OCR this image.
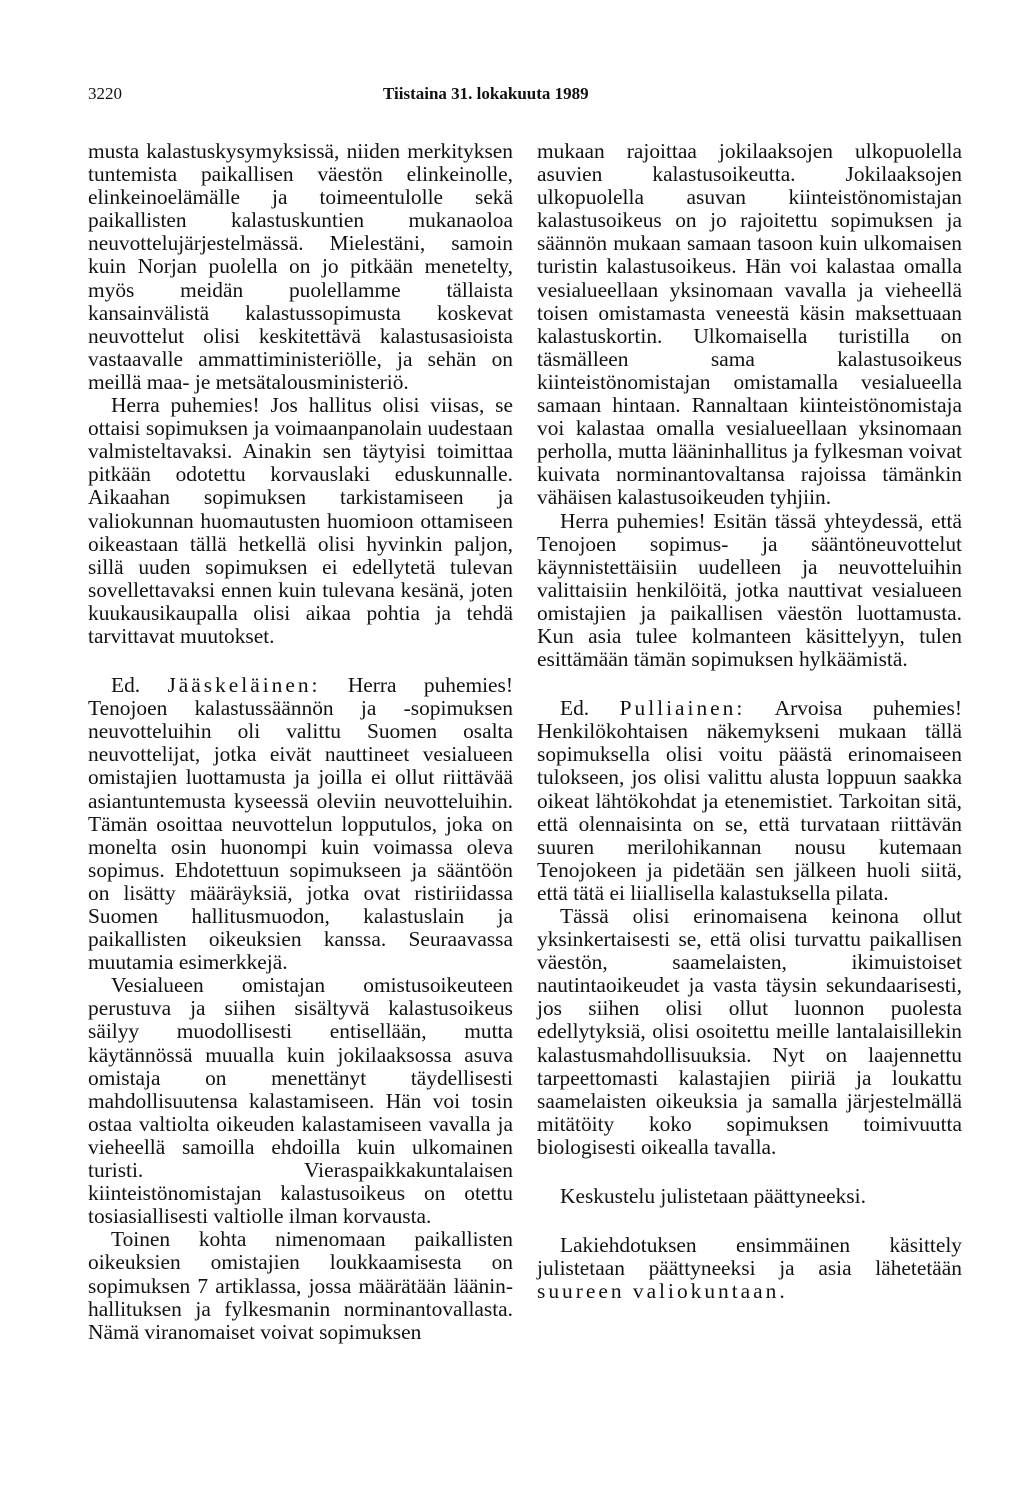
3220	Tiistaina 31. lokakuuta 1989

musta kalastuskysymyksissä, niiden merkityksen tuntemista paikallisen väestön elinkeinolle, elinkeinoelämälle ja toimeentulolle sekä paikallisten kalastuskuntien mukanaoloa neuvottelujärjestelmässä. Mielestäni, samoin kuin Norjan puolella on jo pitkään menetelty, myös meidän puolellamme tällaista kansainvälistä kalastussopimusta koskevat neuvottelut olisi keskitettävä kalastusasioista vastaavalle ammattiministeriölle, ja sehän on meillä maa- je metsätalousministeriö.

Herra puhemies! Jos hallitus olisi viisas, se ottaisi sopimuksen ja voimaanpanolain uudestaan valmisteltavaksi. Ainakin sen täytyisi toimittaa pitkään odotettu korvauslaki eduskunnalle. Aikaahan sopimuksen tarkistamiseen ja valiokunnan huomautusten huomioon ottamiseen oikeastaan tällä hetkellä olisi hyvinkin paljon, sillä uuden sopimuksen ei edellytetä tulevan sovellettavaksi ennen kuin tulevana kesänä, joten kuukausikaupalla olisi aikaa pohtia ja tehdä tarvittavat muutokset.

Ed. Jääskeläinen: Herra puhemies! Tenojoen kalastussäännön ja -sopimuksen neuvotteluihin oli valittu Suomen osalta neuvottelijat, jotka eivät nauttineet vesialueen omistajien luottamusta ja joilla ei ollut riittävää asiantuntemusta kyseessä oleviin neuvotteluihin. Tämän osoittaa neuvottelun lopputulos, joka on monelta osin huonompi kuin voimassa oleva sopimus. Ehdotettuun sopimukseen ja sääntöön on lisätty määräyksiä, jotka ovat ristiriidassa Suomen hallitusmuodon, kalastuslain ja paikallisten oikeuksien kanssa. Seuraavassa muutamia esimerkkejä.

Vesialueen omistajan omistusoikeuteen perustuva ja siihen sisältyvä kalastusoikeus säilyy muodollisesti entisellään, mutta käytännössä muualla kuin jokilaaksossa asuva omistaja on menettänyt täydellisesti mahdollisuutensa kalastamiseen. Hän voi tosin ostaa valtiolta oikeuden kalastamiseen vavalla ja vieheellä samoilla ehdoilla kuin ulkomainen turisti. Vieraspaikkakuntalaisen kiinteistönomistajan kalastusoikeus on otettu tosiasiallisesti valtiolle ilman korvausta.

Toinen kohta nimenomaan paikallisten oikeuksien omistajien loukkaamisesta on sopimuksen 7 artiklassa, jossa määrätään läänin-hallituksen ja fylkesmanin norminantovallasta. Nämä viranomaiset voivat sopimuksen

mukaan rajoittaa jokilaaksojen ulkopuolella asuvien kalastusoikeutta. Jokilaaksojen ulkopuolella asuvan kiinteistönomistajan kalastusoikeus on jo rajoitettu sopimuksen ja säännön mukaan samaan tasoon kuin ulkomaisen turistin kalastusoikeus. Hän voi kalastaa omalla vesialueellaan yksinomaan vavalla ja vieheellä toisen omistamasta veneestä käsin maksettuaan kalastuskortin. Ulkomaisella turistilla on täsmälleen sama kalastusoikeus kiinteistönomistajan omistamalla vesialueella samaan hintaan. Rannaltaan kiinteistönomistaja voi kalastaa omalla vesialueellaan yksinomaan perholla, mutta lääninhallitus ja fylkesman voivat kuivata norminantovaltansa rajoissa tämänkin vähäisen kalastusoikeuden tyhjiin.

Herra puhemies! Esitän tässä yhteydessä, että Tenojoen sopimus- ja sääntöneuvottelut käynnistettäisiin uudelleen ja neuvotteluihin valittaisiin henkilöitä, jotka nauttivat vesialueen omistajien ja paikallisen väestön luottamusta. Kun asia tulee kolmanteen käsittelyyn, tulen esittämään tämän sopimuksen hylkäämistä.

Ed. Pulliainen: Arvoisa puhemies! Henkilökohtaisen näkemykseni mukaan tällä sopimuksella olisi voitu päästä erinomaiseen tulokseen, jos olisi valittu alusta loppuun saakka oikeat lähtökohdat ja etenemistiet. Tarkoitan sitä, että olennaisinta on se, että turvataan riittävän suuren merilohikannan nousu kutemaan Tenojokeen ja pidetään sen jälkeen huoli siitä, että tätä ei liiallisella kalastuksella pilata.

Tässä olisi erinomaisena keinona ollut yksinkertaisesti se, että olisi turvattu paikallisen väestön, saamelaisten, ikimuistoiset nautintaoikeudet ja vasta täysin sekundaarisesti, jos siihen olisi ollut luonnon puolesta edellytyksiä, olisi osoitettu meille lantalaisillekin kalastusmahdollisuuksia. Nyt on laajennettu tarpeettomasti kalastajien piiriä ja loukattu saamelaisten oikeuksia ja samalla järjestelmällä mitätöity koko sopimuksen toimivuutta biologisesti oikealla tavalla.

Keskustelu julistetaan päättyneeksi.

Lakiehdotuksen ensimmäinen käsittely julistetaan päättyneeksi ja asia lähetetään suureen valiokuntaan.
